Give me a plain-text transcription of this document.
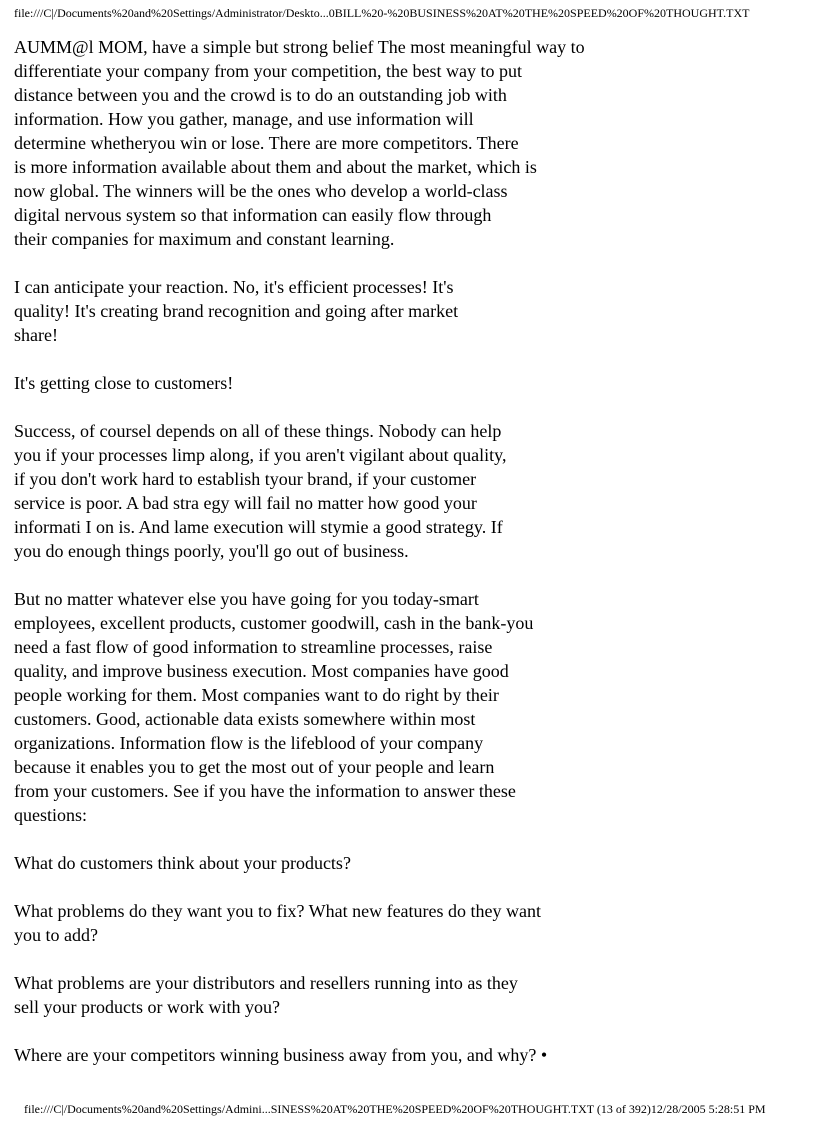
file:///C|/Documents%20and%20Settings/Administrator/Deskto...0BILL%20-%20BUSINESS%20AT%20THE%20SPEED%20OF%20THOUGHT.TXT

AUMM@l MOM, have a simple but strong belief The most meaningful way to
differentiate your company from your competition, the best way to put
distance between you and the crowd is to do an outstanding job with
information. How you gather, manage, and use information will
determine whetheryou win or lose. There are more competitors. There
is more information available about them and about the market, which is
now global. The winners will be the ones who develop a world-class
digital nervous system so that information can easily flow through
their companies for maximum and constant learning.

I can anticipate your reaction. No, it's efficient processes! It's
quality! It's creating brand recognition and going after market
share!

It's getting close to customers!

Success, of coursel depends on all of these things. Nobody can help
you if your processes limp along, if you aren't vigilant about quality,
if you don't work hard to establish tyour brand, if your customer
service is poor. A bad stra egy will fail no matter how good your
informati I on is. And lame execution will stymie a good strategy. If
you do enough things poorly, you'll go out of business.

But no matter whatever else you have going for you today-smart
employees, excellent products, customer goodwill, cash in the bank-you
need a fast flow of good information to streamline processes, raise
quality, and improve business execution. Most companies have good
people working for them. Most companies want to do right by their
customers. Good, actionable data exists somewhere within most
organizations. Information flow is the lifeblood of your company
because it enables you to get the most out of your people and learn
from your customers. See if you have the information to answer these
questions:

What do customers think about your products?

What problems do they want you to fix? What new features do they want
you to add?

What problems are your distributors and resellers running into as they
sell your products or work with you?

Where are your competitors winning business away from you, and why? •

file:///C|/Documents%20and%20Settings/Admini...SINESS%20AT%20THE%20SPEED%20OF%20THOUGHT.TXT (13 of 392)12/28/2005 5:28:51 PM
